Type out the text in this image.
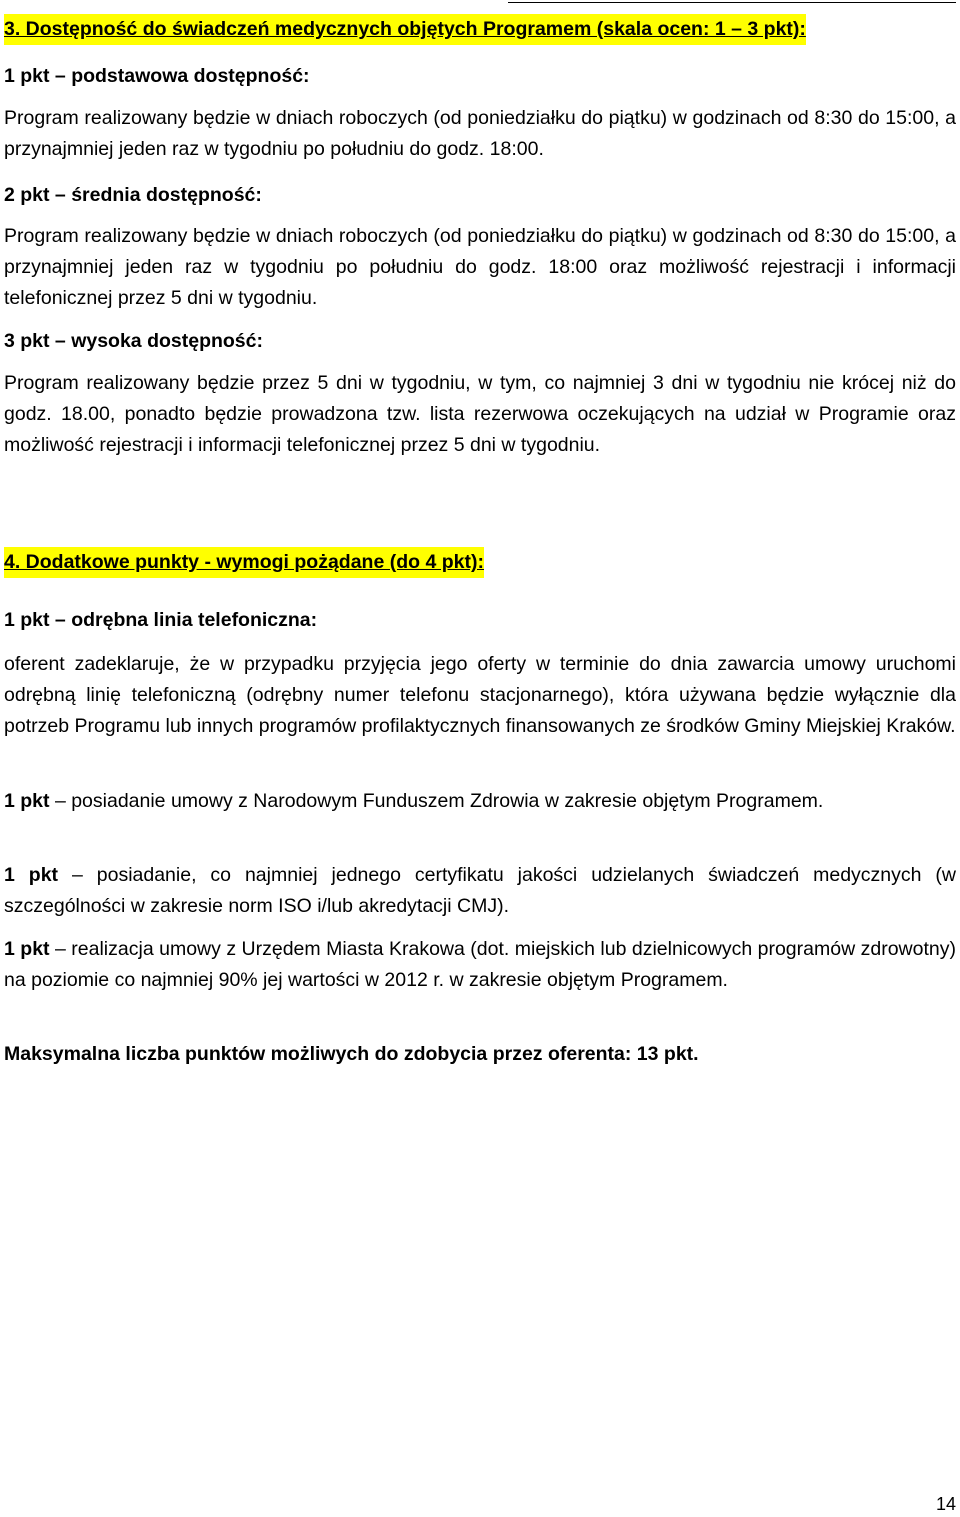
3. Dostępność do świadczeń medycznych objętych Programem (skala ocen: 1 – 3 pkt):
1 pkt – podstawowa dostępność:
Program realizowany będzie w dniach roboczych (od poniedziałku do piątku) w godzinach od 8:30 do 15:00, a przynajmniej jeden raz w tygodniu po południu do godz. 18:00.
2 pkt – średnia dostępność:
Program realizowany będzie w dniach roboczych (od poniedziałku do piątku) w godzinach od 8:30 do 15:00, a przynajmniej jeden raz w tygodniu po południu do godz. 18:00 oraz możliwość rejestracji i informacji telefonicznej przez 5 dni w tygodniu.
3 pkt – wysoka dostępność:
Program realizowany będzie przez 5 dni w tygodniu, w tym, co najmniej 3 dni w tygodniu nie krócej niż do godz. 18.00, ponadto będzie prowadzona tzw. lista rezerwowa oczekujących na udział w Programie oraz możliwość rejestracji i informacji telefonicznej przez 5 dni w tygodniu.
4. Dodatkowe punkty - wymogi pożądane (do 4 pkt):
1 pkt – odrębna linia telefoniczna:
oferent zadeklaruje, że w przypadku przyjęcia jego oferty w terminie do dnia zawarcia umowy uruchomi odrębną linię telefoniczną (odrębny numer telefonu stacjonarnego), która używana będzie wyłącznie dla potrzeb Programu lub innych programów profilaktycznych finansowanych ze środków Gminy Miejskiej Kraków.
1 pkt – posiadanie umowy z Narodowym Funduszem Zdrowia w zakresie objętym Programem.
1 pkt – posiadanie, co najmniej jednego certyfikatu jakości udzielanych świadczeń medycznych (w szczególności w zakresie norm ISO i/lub akredytacji CMJ).
1 pkt – realizacja umowy z Urzędem Miasta Krakowa (dot. miejskich lub dzielnicowych programów zdrowotny) na poziomie co najmniej 90% jej wartości w 2012 r. w zakresie objętym Programem.
Maksymalna liczba punktów możliwych do zdobycia przez oferenta: 13 pkt.
14
